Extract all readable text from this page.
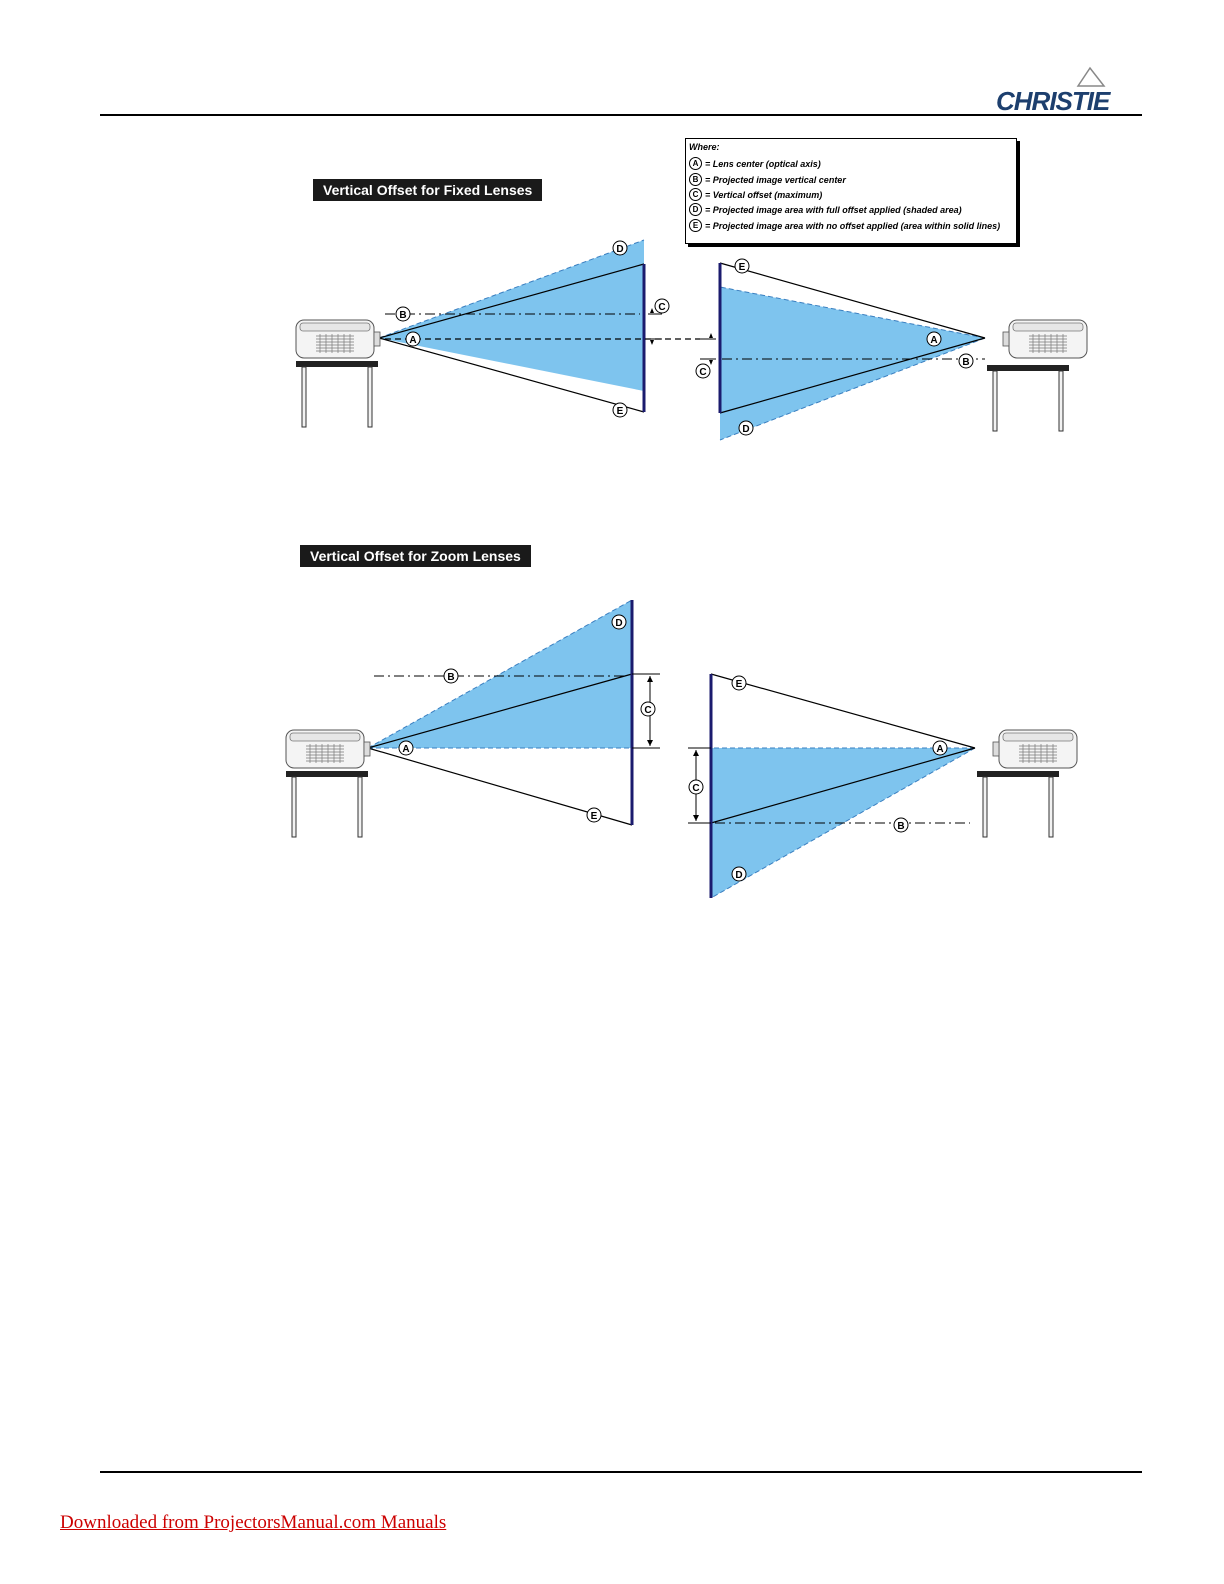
CHRISTIE
Vertical Offset for Fixed Lenses
Vertical Offset for Zoom Lenses
Where:
A = Lens center (optical axis)
B = Projected image vertical center
C = Vertical offset (maximum)
D = Projected image area with full offset applied (shaded area)
E = Projected image area with no offset applied (area within solid lines)
D
B
C
A
E
E
A
B
C
D
D
B
C
A
E
E
A
C
B
D
Downloaded from ProjectorsManual.com Manuals
